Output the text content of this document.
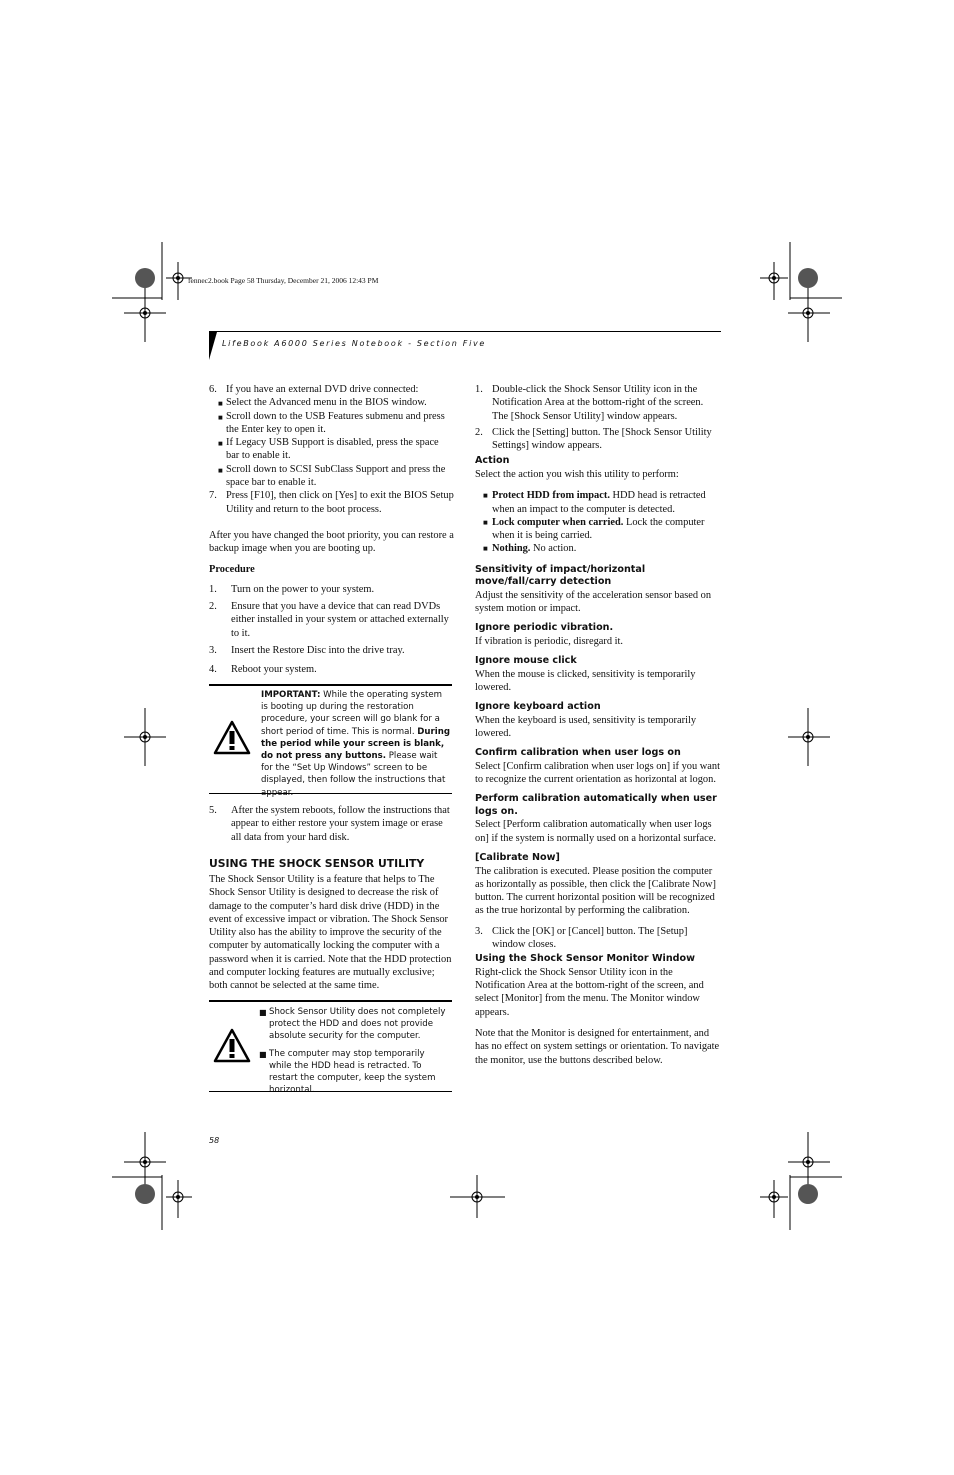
fennec2.book Page 58 Thursday, December 21, 2006 12:43 PM
LifeBook A6000 Series Notebook - Section Five
6. If you have an external DVD drive connected:
■ Select the Advanced menu in the BIOS window.
■ Scroll down to the USB Features submenu and press the Enter key to open it.
■ If Legacy USB Support is disabled, press the space bar to enable it.
■ Scroll down to SCSI SubClass Support and press the space bar to enable it.
7. Press [F10], then click on [Yes] to exit the BIOS Setup Utility and return to the boot process.

After you have changed the boot priority, you can restore a backup image when you are booting up.

Procedure
1. Turn on the power to your system.
2. Ensure that you have a device that can read DVDs either installed in your system or attached externally to it.
3. Insert the Restore Disc into the drive tray.
4. Reboot your system.
IMPORTANT: While the operating system is booting up during the restoration procedure, your screen will go blank for a short period of time. This is normal. During the period while your screen is blank, do not press any buttons. Please wait for the “Set Up Windows” screen to be displayed, then follow the instructions that
5. After the system reboots, follow the instructions that appear to either restore your system image or erase all data from your hard disk.
USING THE SHOCK SENSOR UTILITY

The Shock Sensor Utility is a feature that helps to The Shock Sensor Utility is designed to decrease the risk of damage to the computer’s hard disk drive (HDD) in the event of excessive impact or vibration. The Shock Sensor Utility also has the ability to improve the security of the computer by automatically locking the computer with a password when it is carried. Note that the HDD protection and computer locking features are mutually exclusive; both cannot be selected at the same time.

■ Shock Sensor Utility does not completely protect the HDD and does not provide absolute security for the computer.
■ The computer may stop temporarily while the HDD head is retracted. To restart the computer, keep the system
58
1. Double-click the Shock Sensor Utility icon in the Notification Area at the bottom-right of the screen. The [Shock Sensor Utility] window appears.
2. Click the [Setting] button. The [Shock Sensor Utility Settings] window appears.
Action
Select the action you wish this utility to perform:
■ Protect HDD from impact. HDD head is retracted when an impact to the computer is detected.
■ Lock computer when carried. Lock the computer when it is being carried.
■ Nothing. No action.
Sensitivity of impact/horizontal move/fall/carry detection
Adjust the sensitivity of the acceleration sensor based on system motion or impact.
Ignore periodic vibration.
If vibration is periodic, disregard it.
Ignore mouse click
When the mouse is clicked, sensitivity is temporarily lowered.
Ignore keyboard action
When the keyboard is used, sensitivity is temporarily lowered.
Confirm calibration when user logs on
Select [Confirm calibration when user logs on] if you want to recognize the current orientation as horizontal at logon.
Perform calibration automatically when user logs on.
Select [Perform calibration automatically when user logs on] if the system is normally used on a horizontal surface.
[Calibrate Now]
The calibration is executed. Please position the computer as horizontally as possible, then click the [Calibrate Now] button. The current horizontal position will be recognized as the true horizontal by performing the calibration.
3. Click the [OK] or [Cancel] button. The [Setup] window closes.
Using the Shock Sensor Monitor Window
Right-click the Shock Sensor Utility icon in the Notification Area at the bottom-right of the screen, and select [Monitor] from the menu. The Monitor window appears.
Note that the Monitor is designed for entertainment, and has no effect on system settings or orientation. To navigate the monitor, use the buttons described below.
